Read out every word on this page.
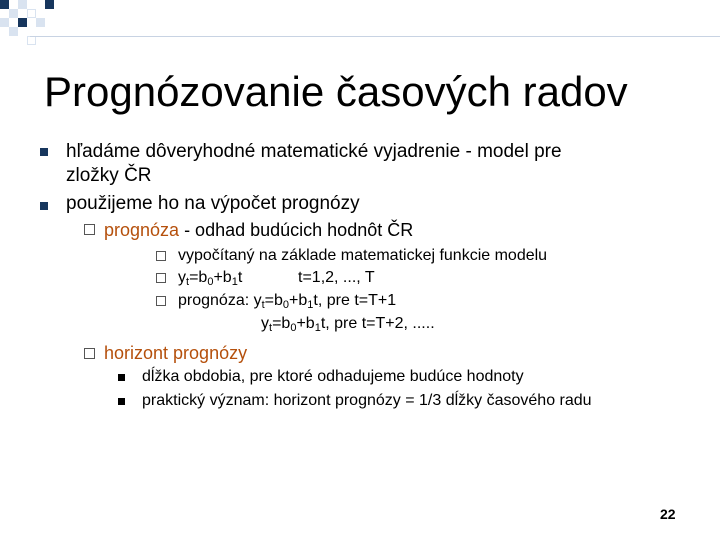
Prognózovanie časových radov
hľadáme dôveryhodné matematické vyjadrenie - model pre
zložky ČR
použijeme ho na výpočet prognózy
prognóza - odhad budúcich hodnôt ČR
vypočítaný na základe matematickej funkcie modelu
$y_t=b_0+b_1t$	t=1,2, ..., T
prognóza: $y_t=b_0+b_1t$, pre t=T+1
$y_t=b_0+b_1t$, pre t=T+2, .....
horizont prognózy
dĺžka obdobia, pre ktoré odhadujeme budúce hodnoty
praktický význam: horizont prognózy = 1/3 dĺžky časového radu
22
